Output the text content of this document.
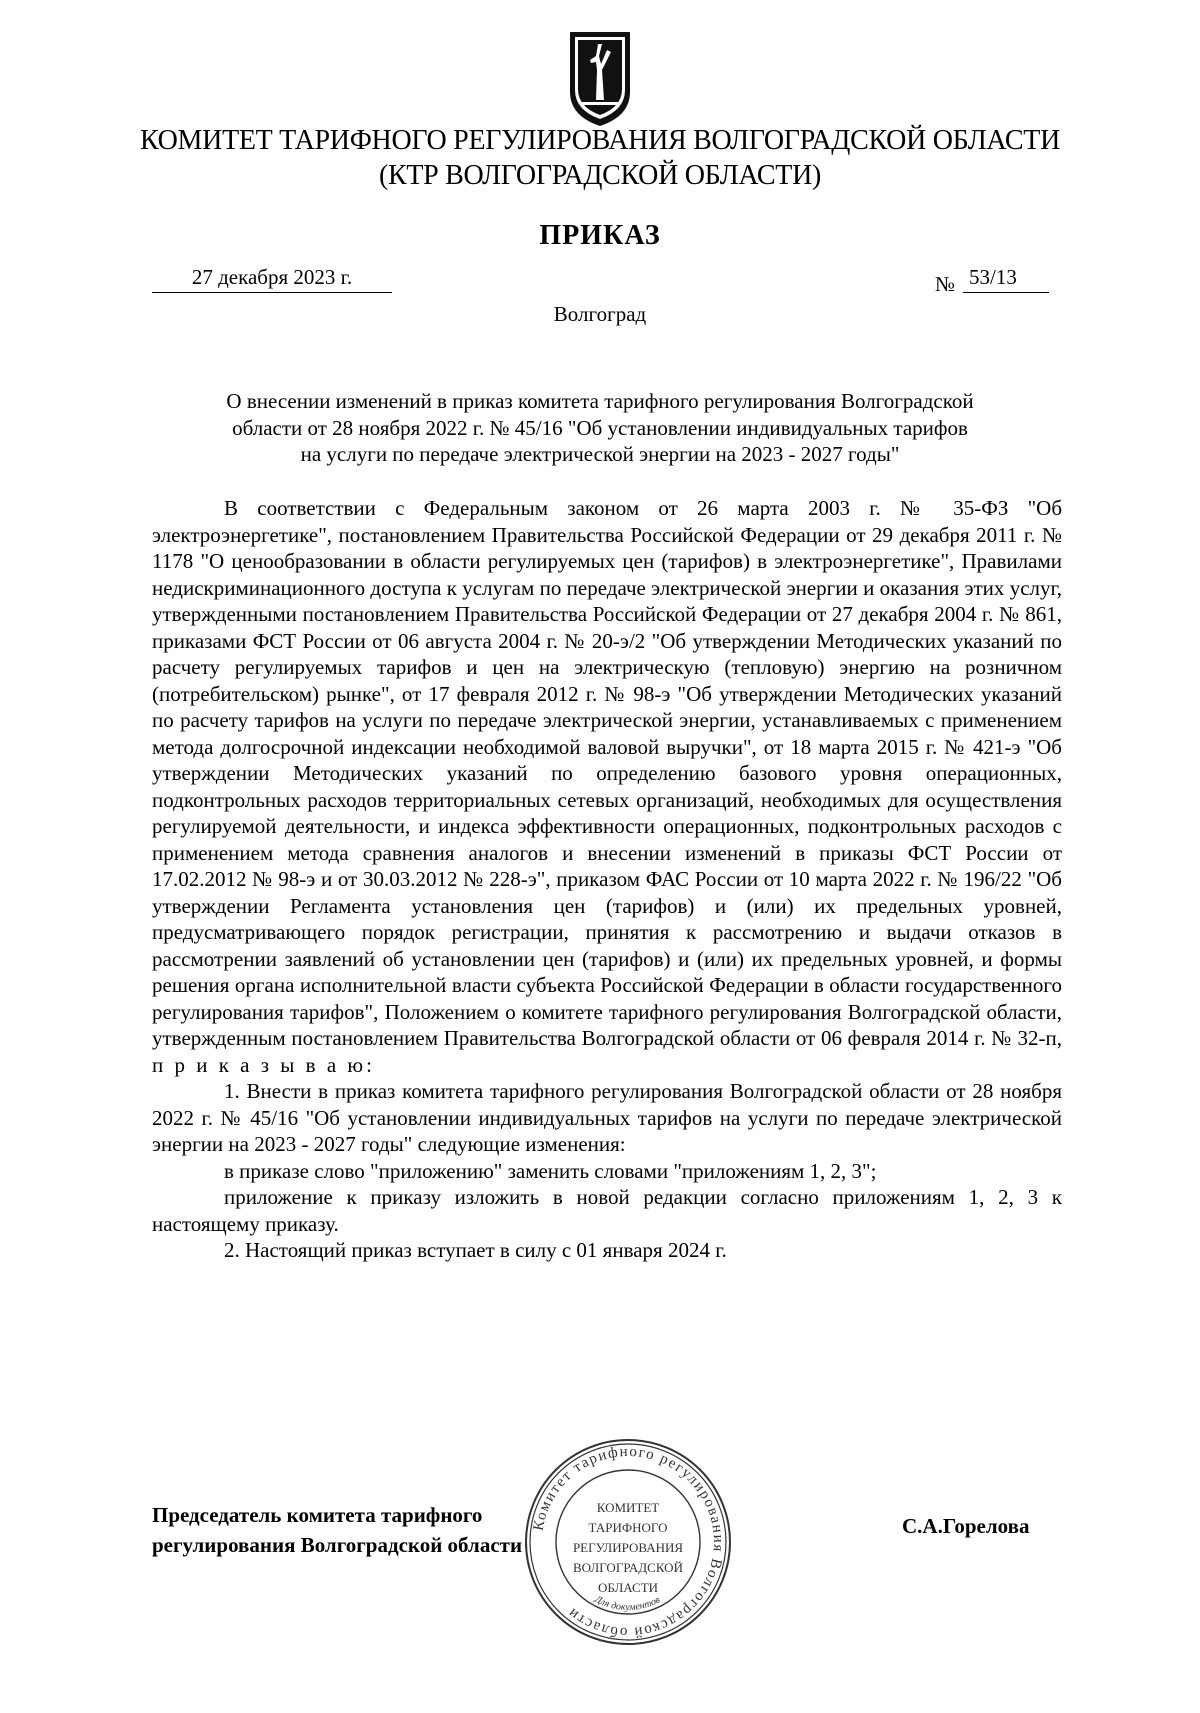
КОМИТЕТ ТАРИФНОГО РЕГУЛИРОВАНИЯ ВОЛГОГРАДСКОЙ ОБЛАСТИ
(КТР ВОЛГОГРАДСКОЙ ОБЛАСТИ)
ПРИКАЗ
27 декабря 2023 г.	№ 53/13
Волгоград
О внесении изменений в приказ комитета тарифного регулирования Волгоградской
области от 28 ноября 2022 г. № 45/16 "Об установлении индивидуальных тарифов
на услуги по передаче электрической энергии на 2023 - 2027 годы"

В соответствии с Федеральным законом от 26 марта 2003 г. № 35-ФЗ "Об электроэнергетике", постановлением Правительства Российской Федерации от 29 декабря 2011 г. № 1178 "О ценообразовании в области регулируемых цен (тарифов) в электроэнергетике", Правилами недискриминационного доступа к услугам по передаче электрической энергии и оказания этих услуг, утвержденными постановлением Правительства Российской Федерации от 27 декабря 2004 г. № 861, приказами ФСТ России от 06 августа 2004 г. № 20-э/2 "Об утверждении Методических указаний по расчету регулируемых тарифов и цен на электрическую (тепловую) энергию на розничном (потребительском) рынке", от 17 февраля 2012 г. № 98-э "Об утверждении Методических указаний по расчету тарифов на услуги по передаче электрической энергии, устанавливаемых с применением метода долгосрочной индексации необходимой валовой выручки", от 18 марта 2015 г. № 421-э "Об утверждении Методических указаний по определению базового уровня операционных, подконтрольных расходов территориальных сетевых организаций, необходимых для осуществления регулируемой деятельности, и индекса эффективности операционных, подконтрольных расходов с применением метода сравнения аналогов и внесении изменений в приказы ФСТ России от 17.02.2012 № 98-э и от 30.03.2012 № 228-э", приказом ФАС России от 10 марта 2022 г. № 196/22 "Об утверждении Регламента установления цен (тарифов) и (или) их предельных уровней, предусматривающего порядок регистрации, принятия к рассмотрению и выдачи отказов в рассмотрении заявлений об установлении цен (тарифов) и (или) их предельных уровней, и формы решения органа исполнительной власти субъекта Российской Федерации в области государственного регулирования тарифов", Положением о комитете тарифного регулирования Волгоградской области, утвержденным постановлением Правительства Волгоградской области от 06 февраля 2014 г. № 32-п, п р и к а з ы в а ю:

1. Внести в приказ комитета тарифного регулирования Волгоградской области от 28 ноября 2022 г. № 45/16 "Об установлении индивидуальных тарифов на услуги по передаче электрической энергии на 2023 - 2027 годы" следующие изменения:

в приказе слово "приложению" заменить словами "приложениям 1, 2, 3";

приложение к приказу изложить в новой редакции согласно приложениям 1, 2, 3 к настоящему приказу.

2. Настоящий приказ вступает в силу с 01 января 2024 г.

Председатель комитета тарифного
регулирования Волгоградской области
С.А.Горелова
Комитет тарифного регулирования Волгоградской области
КОМИТЕТ
ТАРИФНОГО
РЕГУЛИРОВАНИЯ
ВОЛГОГРАДСКОЙ
ОБЛАСТИ
Для документов
